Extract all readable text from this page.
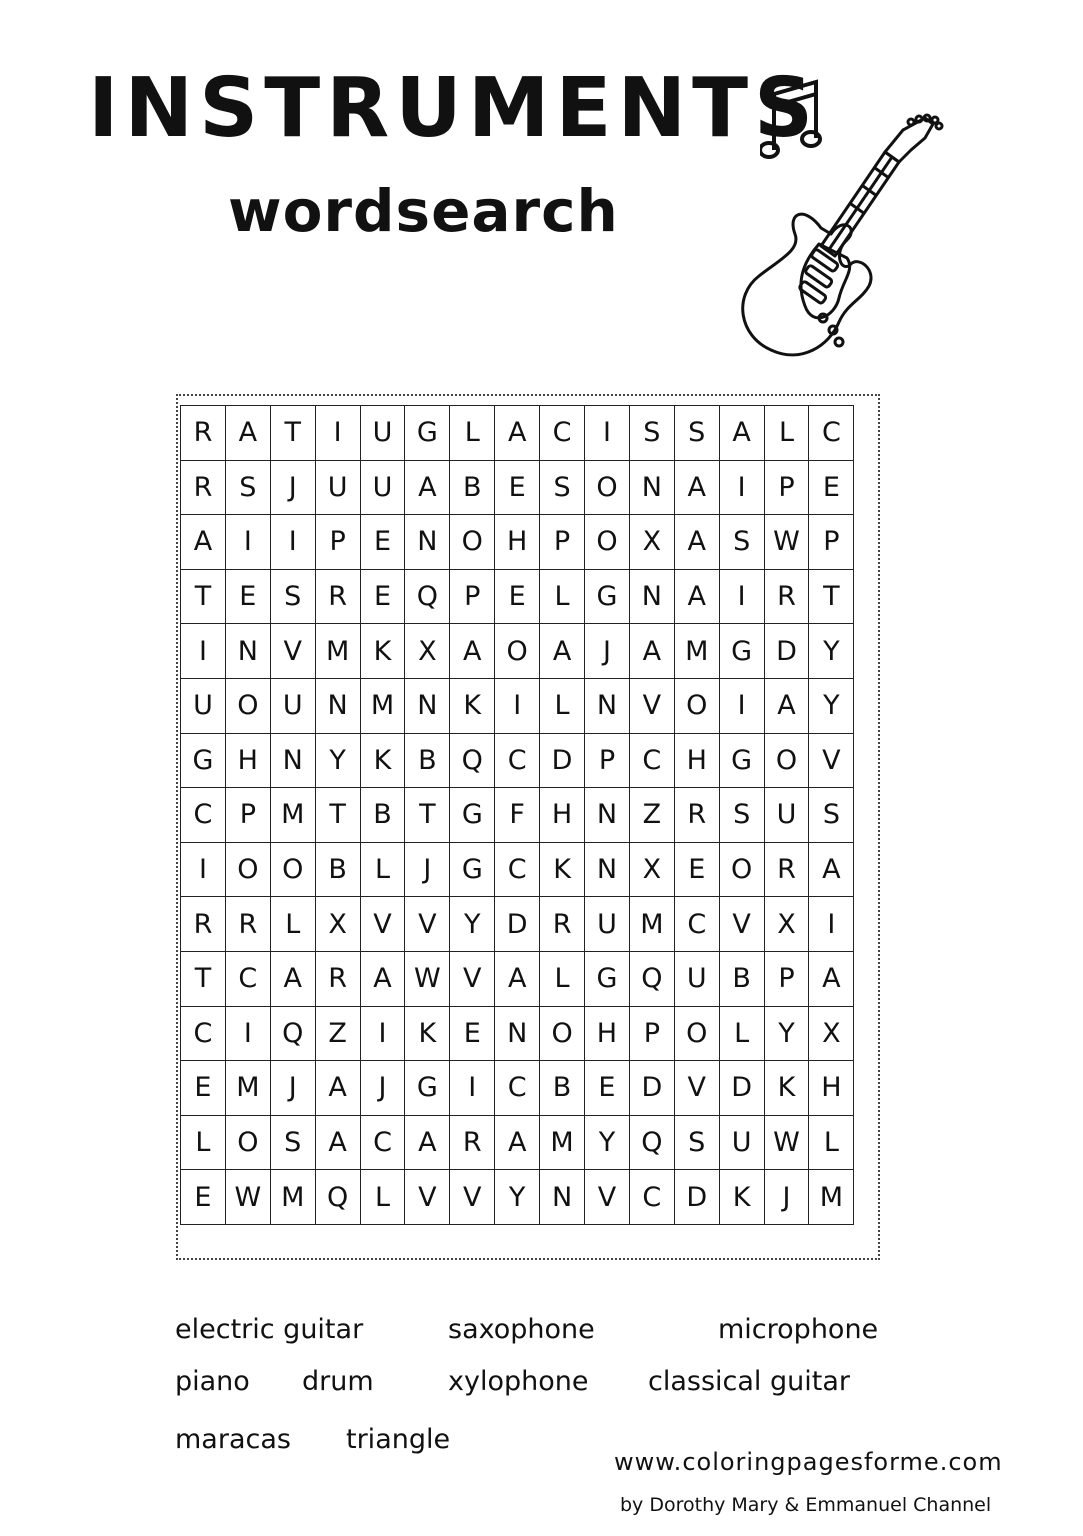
INSTRUMENTS
wordsearch
R	A	T	I	U	G	L	A	C	I	S	S	A	L	C
R	S	J	U	U	A	B	E	S	O	N	A	I	P	E
A	I	I	P	E	N	O	H	P	O	X	A	S	W	P
T	E	S	R	E	Q	P	E	L	G	N	A	I	R	T
I	N	V	M	K	X	A	O	A	J	A	M	G	D	Y
U	O	U	N	M	N	K	I	L	N	V	O	I	A	Y
G	H	N	Y	K	B	Q	C	D	P	C	H	G	O	V
C	P	M	T	B	T	G	F	H	N	Z	R	S	U	S
I	O	O	B	L	J	G	C	K	N	X	E	O	R	A
R	R	L	X	V	V	Y	D	R	U	M	C	V	X	I
T	C	A	R	A	W	V	A	L	G	Q	U	B	P	A
C	I	Q	Z	I	K	E	N	O	H	P	O	L	Y	X
E	M	J	A	J	G	I	C	B	E	D	V	D	K	H
L	O	S	A	C	A	R	A	M	Y	Q	S	U	W	L
E	W	M	Q	L	V	V	Y	N	V	C	D	K	J	M
electric guitar	saxophone	microphone
piano drum	xylophone classical guitar
maracas triangle
www.coloringpagesforme.com
by Dorothy Mary & Emmanuel Channel
